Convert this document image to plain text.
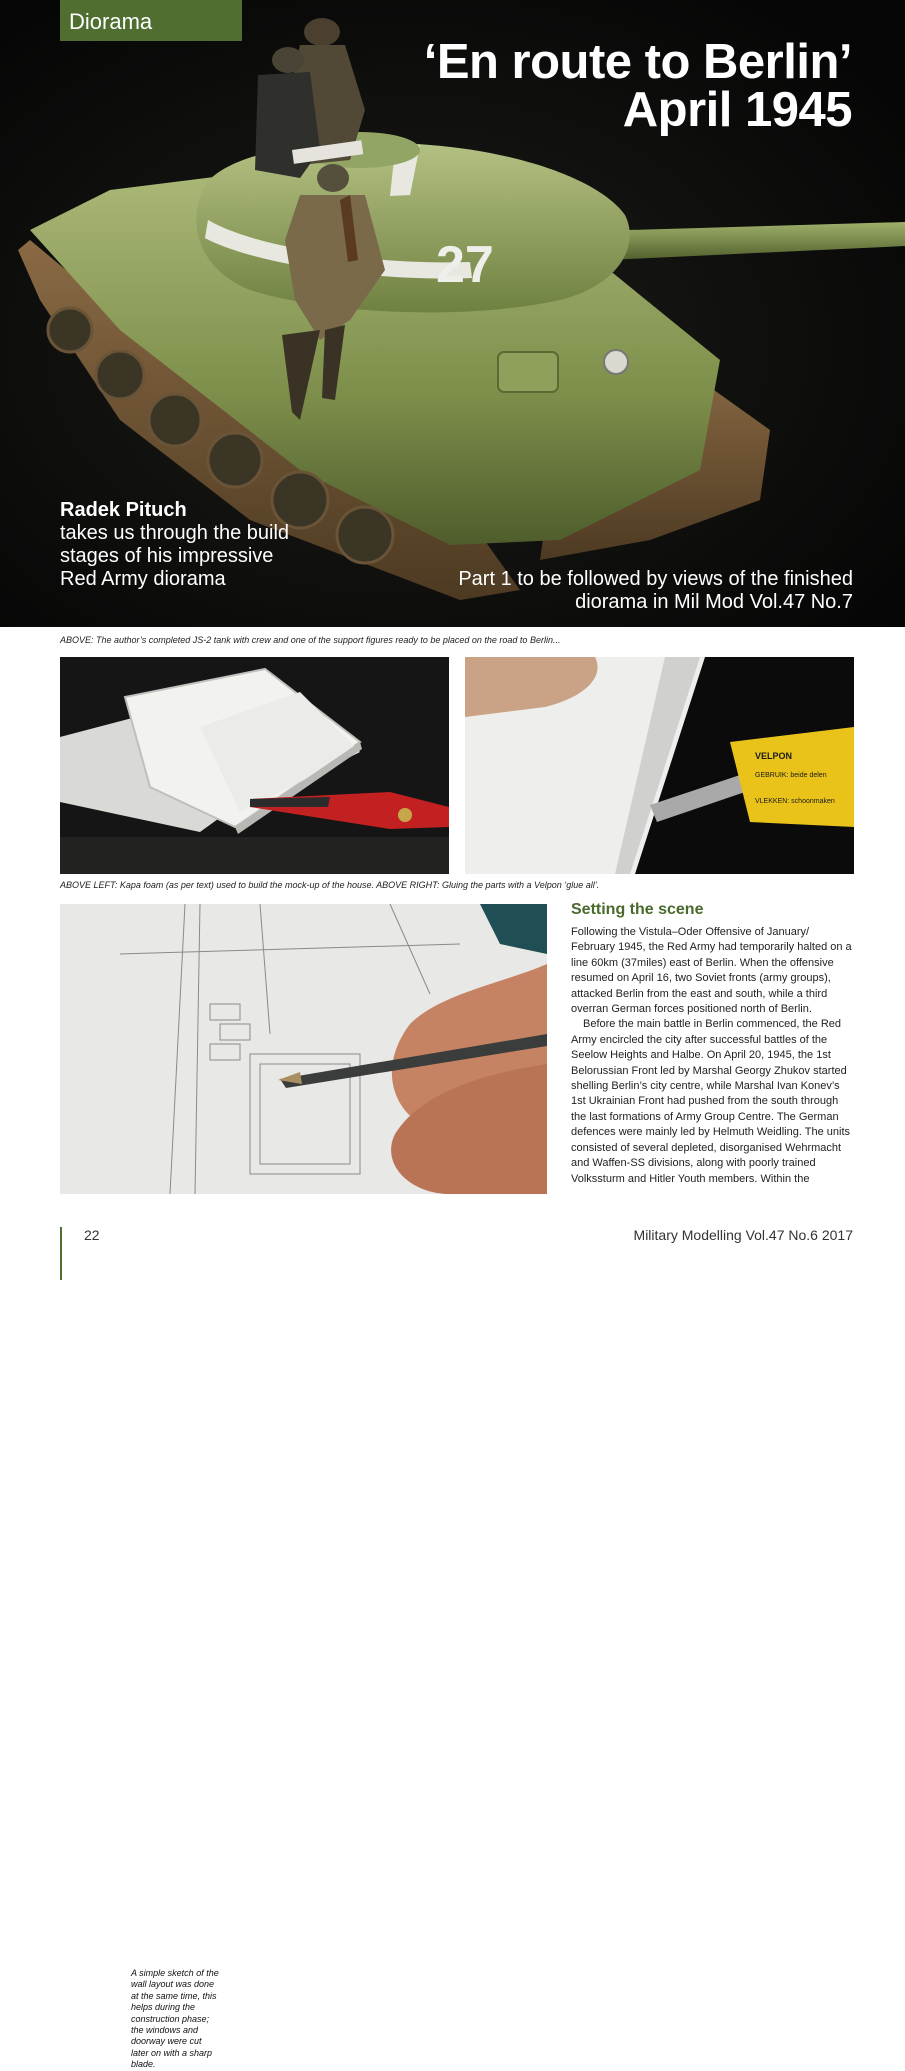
27
Diorama
‘En route to Berlin’
April 1945
Radek Pituch
takes us through the build stages of his impressive Red Army diorama	Part 1 to be followed by views of the finished diorama in Mil Mod Vol.47 No.7
ABOVE: The author’s completed JS-2 tank with crew and one of the support figures ready to be placed on the road to Berlin...
VELPON
GEBRUIK: beide delen
VLEKKEN: schoonmaken
ABOVE LEFT: Kapa foam (as per text) used to build the mock-up of the house. ABOVE RIGHT: Gluing the parts with a Velpon ‘glue all’.
A simple sketch of the wall layout was done at the same time, this helps during the construction phase; the windows and doorway were cut later on with a sharp blade.
Setting the scene

Following the Vistula–Oder Offensive of January/ February 1945, the Red Army had temporarily halted on a line 60km (37miles) east of Berlin. When the offensive resumed on April 16, two Soviet fronts (army groups), attacked Berlin from the east and south, while a third overran German forces positioned north of Berlin.

Before the main battle in Berlin commenced, the Red Army encircled the city after successful battles of the Seelow Heights and Halbe. On April 20, 1945, the 1st Belorussian Front led by Marshal Georgy Zhukov started shelling Berlin’s city centre, while Marshal Ivan Konev’s 1st Ukrainian Front had pushed from the south through the last formations of Army Group Centre. The German defences were mainly led by Helmuth Weidling. The units consisted of several depleted, disorganised Wehrmacht and Waffen-SS divisions, along with poorly trained Volkssturm and Hitler Youth members. Within the

22	Military Modelling Vol.47 No.6 2017
